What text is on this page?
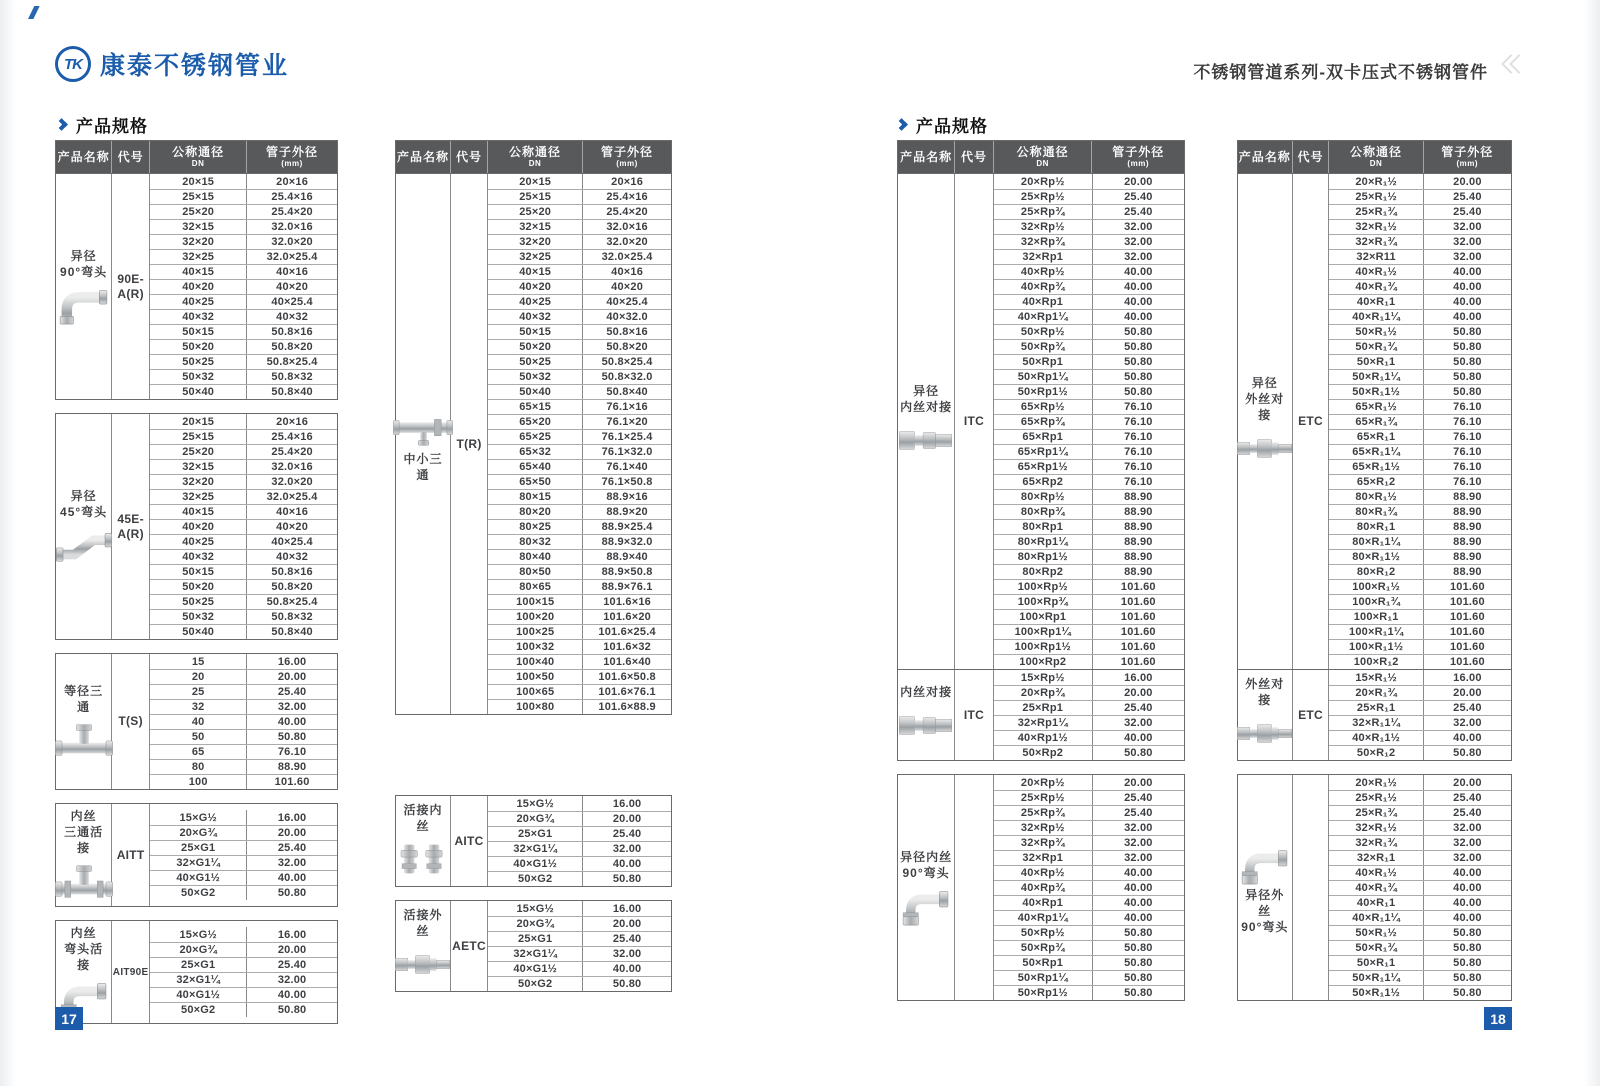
TK 康泰不锈钢管业	不锈钢管道系列-双卡压式不锈钢管件
产品规格	产品规格
产品名称 代号 公称通径
DN
管子外径
(mm)
异径
90°弯头 90E-
A(R)
20×15	20×16
25×15	25.4×16
25×20	25.4×20
32×15	32.0×16
32×20	32.0×20
32×25	32.0×25.4
40×15	40×16
40×20	40×20
40×25	40×25.4
40×32	40×32
50×15	50.8×16
50×20	50.8×20
50×25	50.8×25.4
50×32	50.8×32
50×40	50.8×40
异径
45°弯头 45E-
A(R)
20×15	20×16
25×15	25.4×16
25×20	25.4×20
32×15	32.0×16
32×20	32.0×20
32×25	32.0×25.4
40×15	40×16
40×20	40×20
40×25	40×25.4
40×32	40×32
50×15	50.8×16
50×20	50.8×20
50×25	50.8×25.4
50×32	50.8×32
50×40	50.8×40
等径三通
T(S)
15	16.00
20	20.00
25	25.40
32	32.00
40	40.00
50	50.80
65	76.10
80	88.90
100	101.60
内丝
三通活接	AITT
15×G½	16.00
20×G¾	20.00
25×G1	25.40
32×G1¼	32.00
40×G1½	40.00
50×G2	50.80
内丝
弯头活接	AIT90E
15×G½	16.00
20×G¾	20.00
25×G1	25.40
32×G1¼	32.00
40×G1½	40.00
50×G2	50.80
产品名称 代号 公称通径
DN
管子外径
(mm)
中小三通
T(R)
20×15	20×16
25×15	25.4×16
25×20	25.4×20
32×15	32.0×16
32×20	32.0×20
32×25	32.0×25.4
40×15	40×16
40×20	40×20
40×25	40×25.4
40×32	40×32.0
50×15	50.8×16
50×20	50.8×20
50×25	50.8×25.4
50×32	50.8×32.0
50×40	50.8×40
65×15	76.1×16
65×20	76.1×20
65×25	76.1×25.4
65×32	76.1×32.0
65×40	76.1×40
65×50	76.1×50.8
80×15	88.9×16
80×20	88.9×20
80×25	88.9×25.4
80×32	88.9×32.0
80×40	88.9×40
80×50	88.9×50.8
80×65	88.9×76.1
100×15	101.6×16
100×20	101.6×20
100×25	101.6×25.4
100×32	101.6×32
100×40	101.6×40
100×50	101.6×50.8
100×65	101.6×76.1
100×80	101.6×88.9
活接内丝
AITC
15×G½	16.00
20×G¾	20.00
25×G1	25.40
32×G1¼	32.00
40×G1½	40.00
50×G2	50.80
活接外丝
AETC
15×G½	16.00
20×G¾	20.00
25×G1	25.40
32×G1¼	32.00
40×G1½	40.00
50×G2	50.80
产品名称 代号 公称通径
DN
管子外径
(mm)
异径
内丝对接
ITC
20×Rp½	20.00
25×Rp½	25.40
25×Rp¾	25.40
32×Rp½	32.00
32×Rp¾	32.00
32×Rp1	32.00
40×Rp½	40.00
40×Rp¾	40.00
40×Rp1	40.00
40×Rp1¼	40.00
50×Rp½	50.80
50×Rp¾	50.80
50×Rp1	50.80
50×Rp1¼	50.80
50×Rp1½	50.80
65×Rp½	76.10
65×Rp¾	76.10
65×Rp1	76.10
65×Rp1¼	76.10
65×Rp1½	76.10
65×Rp2	76.10
80×Rp½	88.90
80×Rp¾	88.90
80×Rp1	88.90
80×Rp1¼	88.90
80×Rp1½	88.90
80×Rp2	88.90
100×Rp½	101.60
100×Rp¾	101.60
100×Rp1	101.60
100×Rp1¼	101.60
100×Rp1½	101.60
100×Rp2	101.60
内丝对接
ITC
15×Rp½	16.00
20×Rp¾	20.00
25×Rp1	25.40
32×Rp1¼	32.00
40×Rp1½	40.00
50×Rp2	50.80
异径内丝
90°弯头
20×Rp½	20.00
25×Rp½	25.40
25×Rp¾	25.40
32×Rp½	32.00
32×Rp¾	32.00
32×Rp1	32.00
40×Rp½	40.00
40×Rp¾	40.00
40×Rp1	40.00
40×Rp1¼	40.00
50×Rp½	50.80
50×Rp¾	50.80
50×Rp1	50.80
50×Rp1¼	50.80
50×Rp1½	50.80
产品名称 代号 公称通径
DN
管子外径
(mm)
异径
外丝对接	ETC
20×R₁½	20.00
25×R₁½	25.40
25×R₁¾	25.40
32×R₁½	32.00
32×R₁¾	32.00
32×R11	32.00
40×R₁½	40.00
40×R₁¾	40.00
40×R₁1	40.00
40×R₁1¼	40.00
50×R₁½	50.80
50×R₁¾	50.80
50×R₁1	50.80
50×R₁1¼	50.80
50×R₁1½	50.80
65×R₁½	76.10
65×R₁¾	76.10
65×R₁1	76.10
65×R₁1¼	76.10
65×R₁1½	76.10
65×R₁2	76.10
80×R₁½	88.90
80×R₁¾	88.90
80×R₁1	88.90
80×R₁1¼	88.90
80×R₁1½	88.90
80×R₁2	88.90
100×R₁½	101.60
100×R₁¾	101.60
100×R₁1	101.60
100×R₁1¼	101.60
100×R₁1½	101.60
100×R₁2	101.60
外丝对接
ETC
15×R₁½	16.00
20×R₁¾	20.00
25×R₁1	25.40
32×R₁1¼	32.00
40×R₁1½	40.00
50×R₁2	50.80
异径外丝
90°弯头
20×R₁½	20.00
25×R₁½	25.40
25×R₁¾	25.40
32×R₁½	32.00
32×R₁¾	32.00
32×R₁1	32.00
40×R₁½	40.00
40×R₁¾	40.00
40×R₁1	40.00
40×R₁1¼	40.00
50×R₁½	50.80
50×R₁¾	50.80
50×R₁1	50.80
50×R₁1¼	50.80
50×R₁1½	50.80
17	18
